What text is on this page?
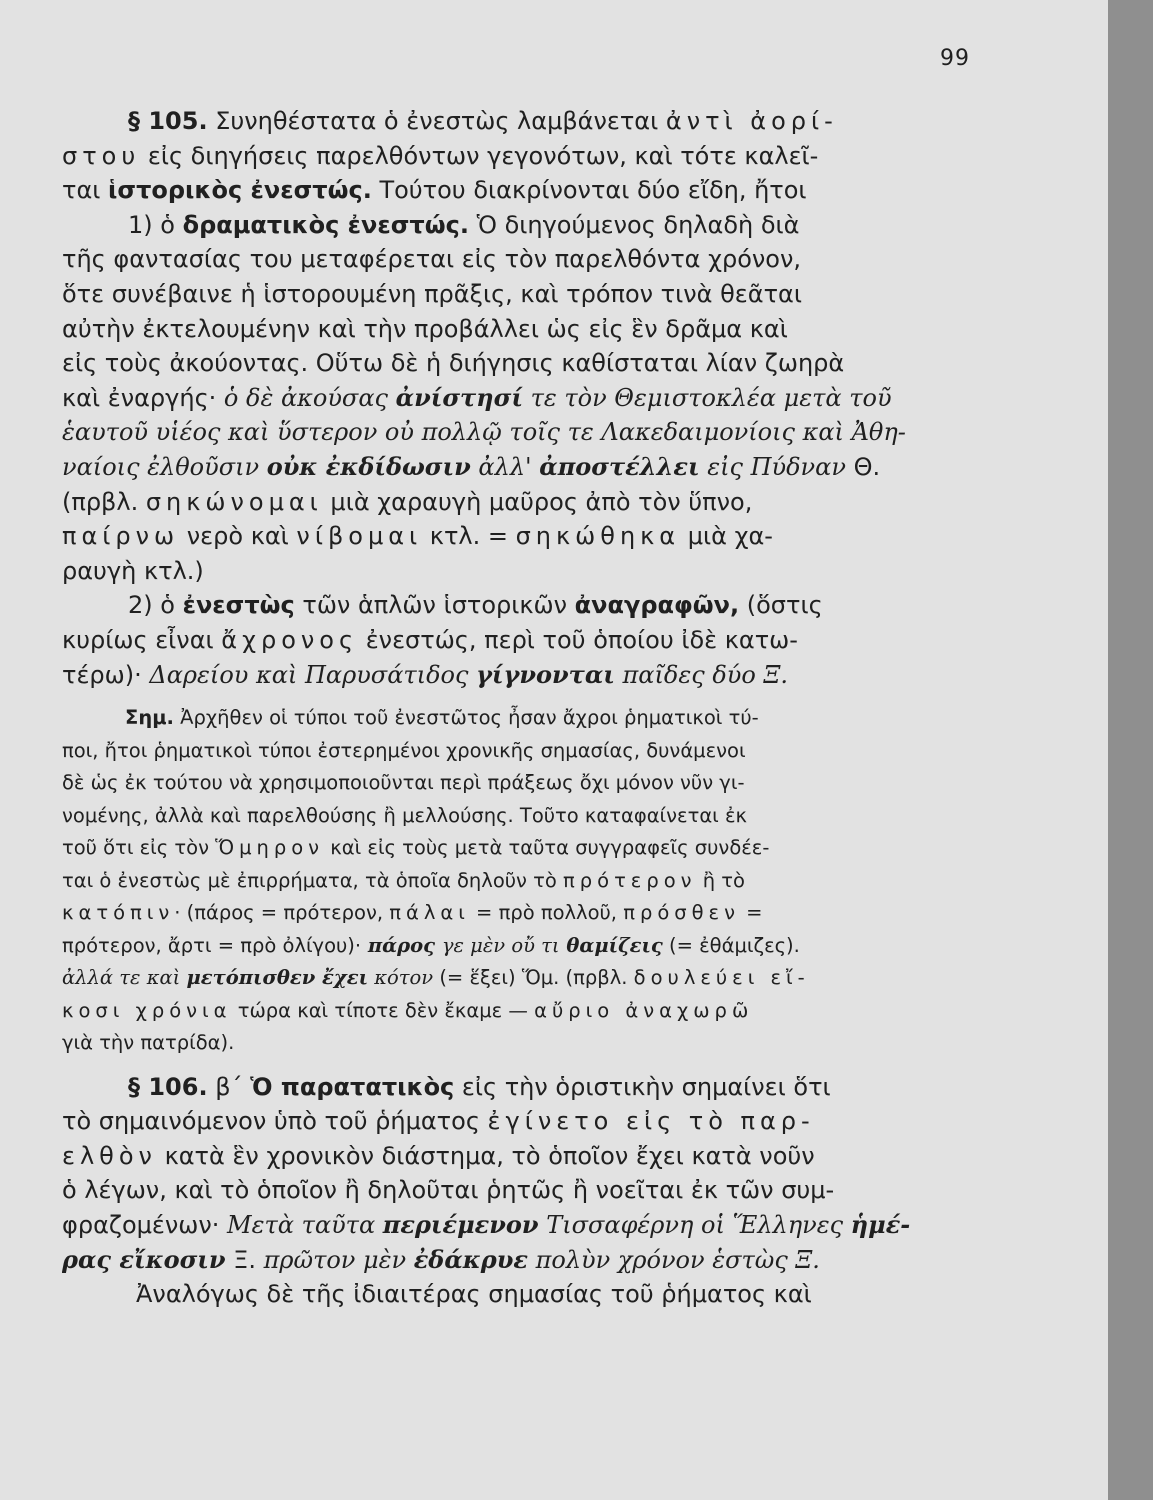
99
§ 105. Συνηθέστατα ὁ ἐνεστὼς λαμβάνεται ἀντὶ ἀορί-
στου εἰς διηγήσεις παρελθόντων γεγονότων, καὶ τότε καλεῖ-
ται ἱστορικὸς ἐνεστώς. Τούτου διακρίνονται δύο εἴδη, ἤτοι
1) ὁ δραματικὸς ἐνεστώς. Ὁ διηγούμενος δηλαδὴ διὰ
τῆς φαντασίας του μεταφέρεται εἰς τὸν παρελθόντα χρόνον,
ὅτε συνέβαινε ἡ ἱστορουμένη πρᾶξις, καὶ τρόπον τινὰ θεᾶται
αὐτὴν ἐκτελουμένην καὶ τὴν προβάλλει ὡς εἰς ἓν δρᾶμα καὶ
εἰς τοὺς ἀκούοντας. Οὕτω δὲ ἡ διήγησις καθίσταται λίαν ζωηρὰ
καὶ ἐναργής· ὁ δὲ ἀκούσας ἀνίστησί τε τὸν Θεμιστοκλέα μετὰ τοῦ
ἑαυτοῦ υἱέος καὶ ὕστερον οὐ πολλῷ τοῖς τε Λακεδαιμονίοις καὶ Ἀθη-
ναίοις ἐλθοῦσιν οὐκ ἐκδίδωσιν ἀλλ' ἀποστέλλει εἰς Πύδναν Θ.
(πρβλ. σηκώνομαι μιὰ χαραυγὴ μαῦρος ἀπὸ τὸν ὕπνο,
παίρνω νερὸ καὶ νίβομαι κτλ. = σηκώθηκα μιὰ χα-
ραυγὴ κτλ.)
2) ὁ ἐνεστὼς τῶν ἁπλῶν ἱστορικῶν ἀναγραφῶν, (ὅστις
κυρίως εἶναι ἄχρονος ἐνεστώς, περὶ τοῦ ὁποίου ἰδὲ κατω-
τέρω)· Δαρείου καὶ Παρυσάτιδος γίγνονται παῖδες δύο Ξ.
Σημ. Ἀρχῆθεν οἱ τύποι τοῦ ἐνεστῶτος ἦσαν ἄχροι ῥηματικοὶ τύ-
ποι, ἤτοι ῥηματικοὶ τύποι ἐστερημένοι χρονικῆς σημασίας, δυνάμενοι
δὲ ὡς ἐκ τούτου νὰ χρησιμοποιοῦνται περὶ πράξεως ὄχι μόνον νῦν γι-
νομένης, ἀλλὰ καὶ παρελθούσης ἢ μελλούσης. Τοῦτο καταφαίνεται ἐκ
τοῦ ὅτι εἰς τὸν Ὅμηρον καὶ εἰς τοὺς μετὰ ταῦτα συγγραφεῖς συνδέε-
ται ὁ ἐνεστὼς μὲ ἐπιρρήματα, τὰ ὁποῖα δηλοῦν τὸ πρότερον ἢ τὸ
κατόπιν· (πάρος = πρότερον, πάλαι = πρὸ πολλοῦ, πρόσθεν =
πρότερον, ἄρτι = πρὸ ὀλίγου)· πάρος γε μὲν οὔ τι θαμίζεις (= ἐθάμιζες).
ἀλλά τε καὶ μετόπισθεν ἔχει κότον (= ἕξει) Ὅμ. (πρβλ. δουλεύει εἴ-
κοσι χρόνια τώρα καὶ τίποτε δὲν ἔκαμε — αὔριο ἀναχωρῶ
γιὰ τὴν πατρίδα).
§ 106. β΄ Ὁ παρατατικὸς εἰς τὴν ὁριστικὴν σημαίνει ὅτι
τὸ σημαινόμενον ὑπὸ τοῦ ῥήματος ἐγίνετο εἰς τὸ παρ-
ελθὸν κατὰ ἓν χρονικὸν διάστημα, τὸ ὁποῖον ἔχει κατὰ νοῦν
ὁ λέγων, καὶ τὸ ὁποῖον ἢ δηλοῦται ῥητῶς ἢ νοεῖται ἐκ τῶν συμ-
φραζομένων· Μετὰ ταῦτα περιέμενον Τισσαφέρνη οἱ Ἕλληνες ἡμέ-
ρας εἴκοσιν Ξ. πρῶτον μὲν ἐδάκρυε πολὺν χρόνον ἑστὼς Ξ.
Ἀναλόγως δὲ τῆς ἰδιαιτέρας σημασίας τοῦ ῥήματος καὶ
